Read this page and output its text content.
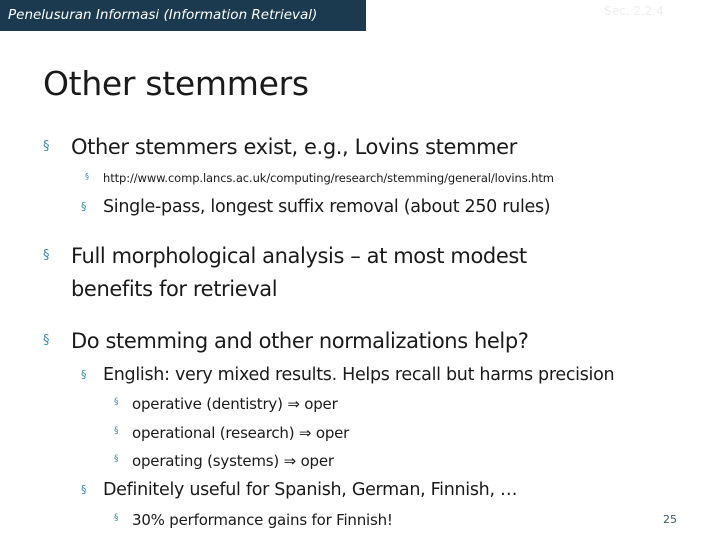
Penelusuran Informasi (Information Retrieval)	Sec. 2.2.4
Other stemmers
§ Other stemmers exist, e.g., Lovins stemmer
§ http://www.comp.lancs.ac.uk/computing/research/stemming/general/lovins.htm
§ Single-pass, longest suffix removal (about 250 rules)
§ Full morphological analysis – at most modest
benefits for retrieval
§ Do stemming and other normalizations help?
§ English: very mixed results. Helps recall but harms precision
§ operative (dentistry) ⇒ oper
§ operational (research) ⇒ oper
§ operating (systems) ⇒ oper
§ Definitely useful for Spanish, German, Finnish, …
§ 30% performance gains for Finnish!	25
